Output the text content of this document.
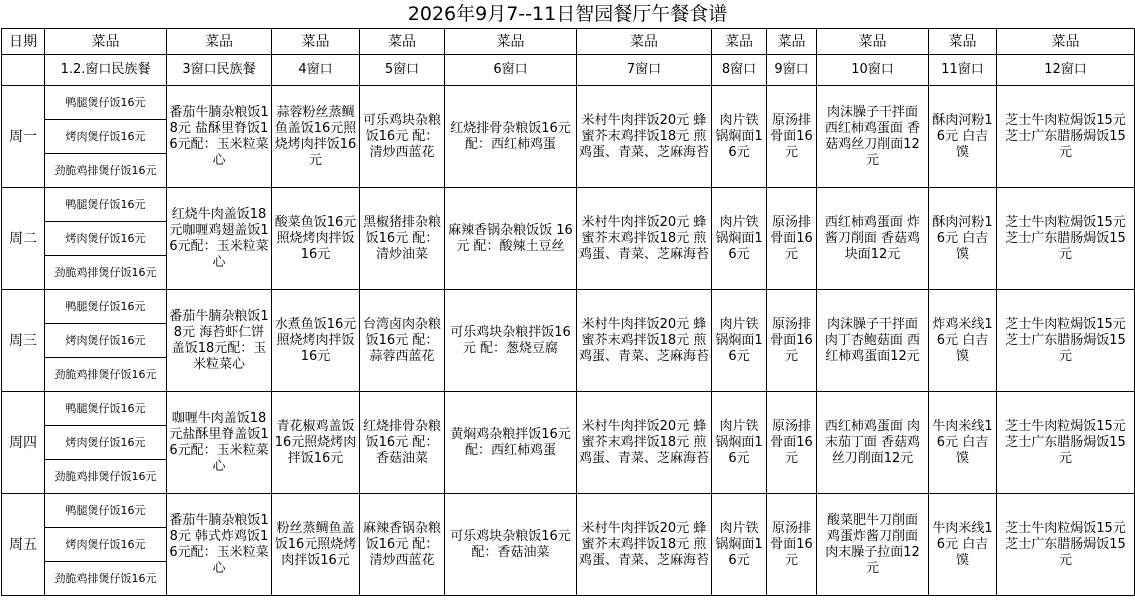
2026年9月7--11日智园餐厅午餐食谱
日期	菜品	菜品	菜品	菜品	菜品	菜品	菜品	菜品	菜品	菜品	菜品
	1.2.窗口民族餐	3窗口民族餐	4窗口	5窗口	6窗口	7窗口	8窗口	9窗口	10窗口	11窗口	12窗口
周一	鸭腿煲仔饭16元	番茄牛腩杂粮饭18元 盐酥里脊饭16元配：玉米粒菜心	蒜蓉粉丝蒸鲷鱼盖饭16元照烧烤肉拌饭16元	可乐鸡块杂粮饭16元 配：清炒西蓝花	红烧排骨杂粮饭16元 配：西红柿鸡蛋	米村牛肉拌饭20元 蜂蜜芥末鸡拌饭18元 煎鸡蛋、青菜、芝麻海苔	肉片铁锅焖面16元	原汤排骨面16元	肉沫臊子干拌面 西红柿鸡蛋面 香菇鸡丝刀削面12元	酥肉河粉16元 白吉馍	芝士牛肉粒焗饭15元芝士广东腊肠焗饭15元
	烤肉煲仔饭16元										
	劲脆鸡排煲仔饭16元										
周二	鸭腿煲仔饭16元	红烧牛肉盖饭18元咖喱鸡翅盖饭16元配：玉米粒菜心	酸菜鱼饭16元照烧烤肉拌饭16元	黑椒猪排杂粮饭16元 配：清炒油菜	麻辣香锅杂粮饭饭 16元 配：酸辣土豆丝	米村牛肉拌饭20元 蜂蜜芥末鸡拌饭18元 煎鸡蛋、青菜、芝麻海苔	肉片铁锅焖面16元	原汤排骨面16元	西红柿鸡蛋面 炸酱刀削面 香菇鸡块面12元	酥肉河粉16元 白吉馍	芝士牛肉粒焗饭15元芝士广东腊肠焗饭15元
	烤肉煲仔饭16元										
	劲脆鸡排煲仔饭16元										
周三	鸭腿煲仔饭16元	番茄牛腩杂粮饭18元 海苔虾仁饼盖饭18元配：玉米粒菜心	水煮鱼饭16元照烧烤肉拌饭16元	台湾卤肉杂粮饭16元 配：蒜蓉西蓝花	可乐鸡块杂粮拌饭16元 配：葱烧豆腐	米村牛肉拌饭20元 蜂蜜芥末鸡拌饭18元 煎鸡蛋、青菜、芝麻海苔	肉片铁锅焖面16元	原汤排骨面16元	肉沫臊子干拌面 肉丁杏鲍菇面 西红柿鸡蛋面12元	炸鸡米线16元 白吉馍	芝士牛肉粒焗饭15元芝士广东腊肠焗饭15元
	烤肉煲仔饭16元										
	劲脆鸡排煲仔饭16元										
周四	鸭腿煲仔饭16元	咖喱牛肉盖饭18元盐酥里脊盖饭16元配：玉米粒菜心	青花椒鸡盖饭16元照烧烤肉拌饭16元	红烧排骨杂粮饭16元 配：香菇油菜	黄焖鸡杂粮拌饭16元 配：西红柿鸡蛋	米村牛肉拌饭20元 蜂蜜芥末鸡拌饭18元 煎鸡蛋、青菜、芝麻海苔	肉片铁锅焖面16元	原汤排骨面16元	西红柿鸡蛋面 肉末茄丁面 香菇鸡丝刀削面12元	牛肉米线16元 白吉馍	芝士牛肉粒焗饭15元芝士广东腊肠焗饭15元
	烤肉煲仔饭16元										
	劲脆鸡排煲仔饭16元										
周五	鸭腿煲仔饭16元	番茄牛腩杂粮饭18元 韩式炸鸡饭16元配：玉米粒菜心	粉丝蒸鲷鱼盖饭16元照烧烤肉拌饭16元	麻辣香锅杂粮饭16元 配：清炒西蓝花	可乐鸡块杂粮饭16元 配：香菇油菜	米村牛肉拌饭20元 蜂蜜芥末鸡拌饭18元 煎鸡蛋、青菜、芝麻海苔	肉片铁锅焖面16元	原汤排骨面16元	酸菜肥牛刀削面 鸡蛋炸酱刀削面 肉末臊子拉面12元	牛肉米线16元 白吉馍	芝士牛肉粒焗饭15元芝士广东腊肠焗饭15元
	烤肉煲仔饭16元										
	劲脆鸡排煲仔饭16元										
